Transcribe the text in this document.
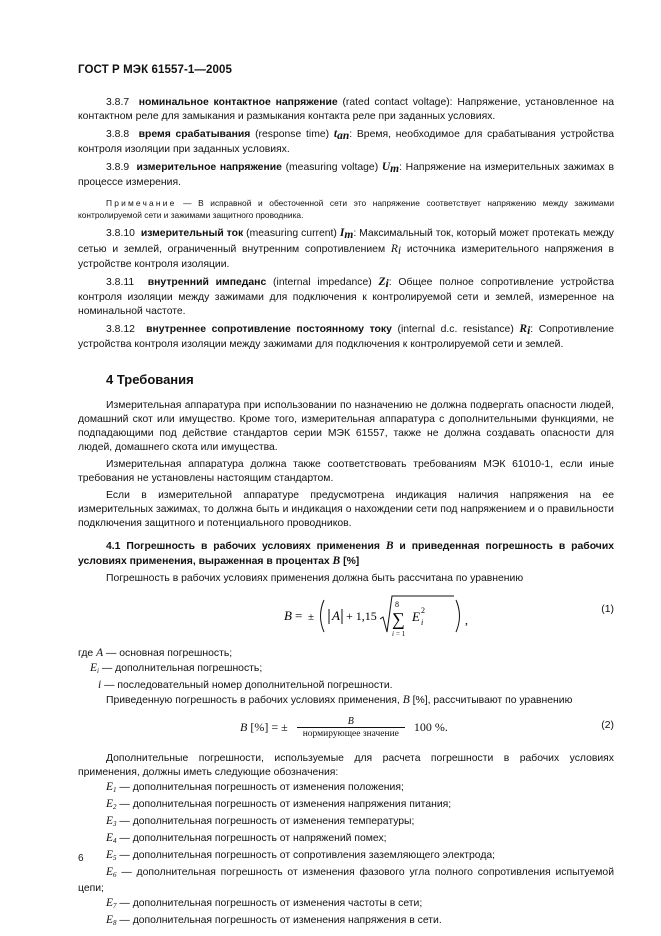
ГОСТ Р МЭК 61557-1—2005

3.8.7 номинальное контактное напряжение (rated contact voltage): Напряжение, установленное на контактном реле для замыкания и размыкания контакта реле при заданных условиях.

3.8.8 время срабатывания (response time) $t_{an}$: Время, необходимое для срабатывания устройства контроля изоляции при заданных условиях.

3.8.9 измерительное напряжение (measuring voltage) $U_m$: Напряжение на измерительных зажимах в процессе измерения.

Примечание — В исправной и обесточенной сети это напряжение соответствует напряжению между зажимами контролируемой сети и зажимами защитного проводника.

3.8.10 измерительный ток (measuring current) $I_m$: Максимальный ток, который может протекать между сетью и землей, ограниченный внутренним сопротивлением $R_i$ источника измерительного напряжения в устройстве контроля изоляции.

3.8.11 внутренний импеданс (internal impedance) $Z_i$: Общее полное сопротивление устройства контроля изоляции между зажимами для подключения к контролируемой сети и землей, измеренное на номинальной частоте.

3.8.12 внутреннее сопротивление постоянному току (internal d.c. resistance) $R_i$: Сопротивление устройства контроля изоляции между зажимами для подключения к контролируемой сети и землей.

4 Требования

Измерительная аппаратура при использовании по назначению не должна подвергать опасности людей, домашний скот или имущество. Кроме того, измерительная аппаратура с дополнительными функциями, не подпадающими под действие стандартов серии МЭК 61557, также не должна создавать опасности для людей, домашнего скота или имущества.

Измерительная аппаратура должна также соответствовать требованиям МЭК 61010-1, если иные требования не установлены настоящим стандартом.

Если в измерительной аппаратуре предусмотрена индикация наличия напряжения на ее измерительных зажимах, то должна быть и индикация о нахождении сети под напряжением и о правильности подключения защитного и потенциального проводников.

4.1 Погрешность в рабочих условиях применения B и приведенная погрешность в рабочих условиях применения, выраженная в процентах B [%]

Погрешность в рабочих условиях применения должна быть рассчитана по уравнению

B = ± A + 1,15
8
∑
i = 1
E 2
i	,
(1)

где A — основная погрешность;

$E_i$ — дополнительная погрешность;

i — последовательный номер дополнительной погрешности.

Приведенную погрешность в рабочих условиях применения, B [%], рассчитывают по уравнению

B [%] = ±	B
нормирующее значение	100 %.	(2)

Дополнительные погрешности, используемые для расчета погрешности в рабочих условиях применения, должны иметь следующие обозначения:

$E_1$ — дополнительная погрешность от изменения положения;

$E_2$ — дополнительная погрешность от изменения напряжения питания;

$E_3$ — дополнительная погрешность от изменения температуры;

$E_4$ — дополнительная погрешность от напряжений помех;

$E_5$ — дополнительная погрешность от сопротивления заземляющего электрода;

$E_6$ — дополнительная погрешность от изменения фазового угла полного сопротивления испытуемой цепи;

$E_7$ — дополнительная погрешность от изменения частоты в сети;

$E_8$ — дополнительная погрешность от изменения напряжения в сети.

6
